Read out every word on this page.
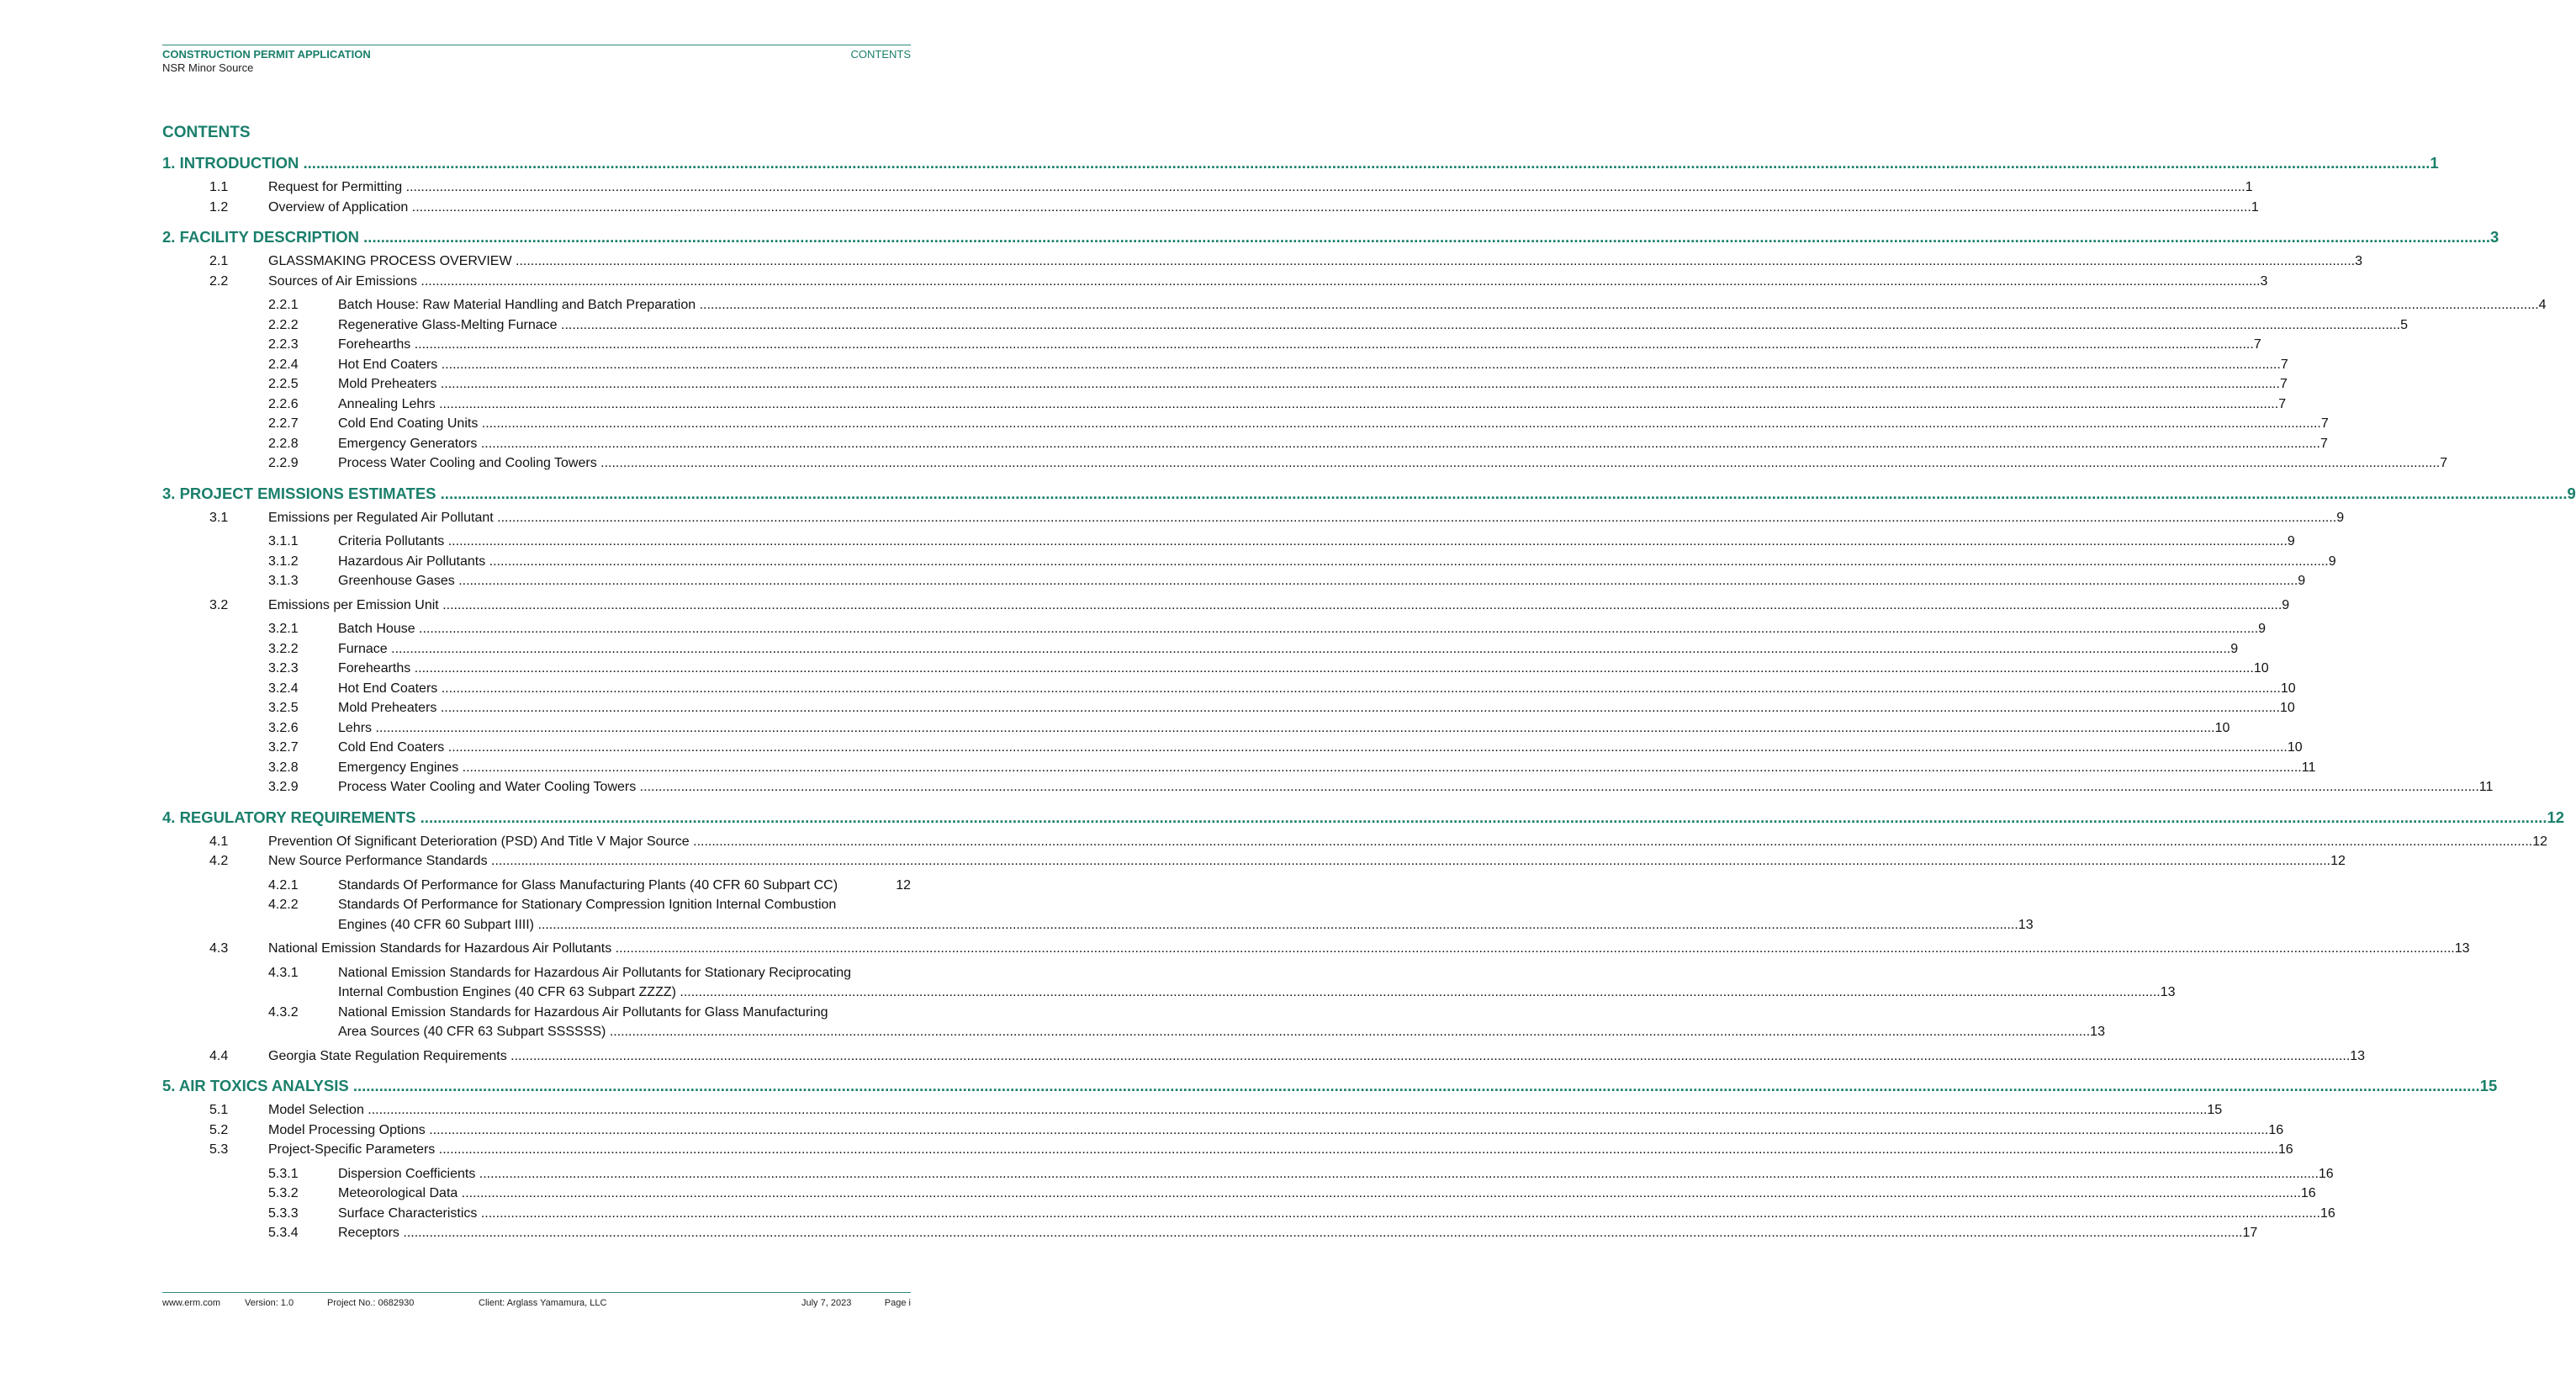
CONSTRUCTION PERMIT APPLICATION	CONTENTS
NSR Minor Source
CONTENTS
1. INTRODUCTION .....	1
1.1	Request for Permitting .....	1
1.2	Overview of Application .....	1
2. FACILITY DESCRIPTION .....	3
2.1	GLASSMAKING PROCESS OVERVIEW .....	3
2.2	Sources of Air Emissions .....	3
2.2.1	Batch House: Raw Material Handling and Batch Preparation .....	4
2.2.2	Regenerative Glass-Melting Furnace .....	5
2.2.3	Forehearths .....	7
2.2.4	Hot End Coaters .....	7
2.2.5	Mold Preheaters .....	7
2.2.6	Annealing Lehrs .....	7
2.2.7	Cold End Coating Units .....	7
2.2.8	Emergency Generators .....	7
2.2.9	Process Water Cooling and Cooling Towers .....	7
3. PROJECT EMISSIONS ESTIMATES .....	9
3.1	Emissions per Regulated Air Pollutant .....	9
3.1.1	Criteria Pollutants .....	9
3.1.2	Hazardous Air Pollutants .....	9
3.1.3	Greenhouse Gases .....	9
3.2	Emissions per Emission Unit .....	9
3.2.1	Batch House .....	9
3.2.2	Furnace .....	9
3.2.3	Forehearths .....	10
3.2.4	Hot End Coaters .....	10
3.2.5	Mold Preheaters .....	10
3.2.6	Lehrs .....	10
3.2.7	Cold End Coaters .....	10
3.2.8	Emergency Engines .....	11
3.2.9	Process Water Cooling and Water Cooling Towers .....	11
4. REGULATORY REQUIREMENTS .....	12
4.1	Prevention Of Significant Deterioration (PSD) And Title V Major Source .....	12
4.2	New Source Performance Standards .....	12
4.2.1	Standards Of Performance for Glass Manufacturing Plants (40 CFR 60 Subpart CC)	12
4.2.2	Standards Of Performance for Stationary Compression Ignition Internal Combustion
Engines (40 CFR 60 Subpart IIII) .....	13
4.3	National Emission Standards for Hazardous Air Pollutants .....	13
4.3.1	National Emission Standards for Hazardous Air Pollutants for Stationary Reciprocating
Internal Combustion Engines (40 CFR 63 Subpart ZZZZ) .....	13
4.3.2	National Emission Standards for Hazardous Air Pollutants for Glass Manufacturing
Area Sources (40 CFR 63 Subpart SSSSSS) .....	13
4.4	Georgia State Regulation Requirements .....	13
5. AIR TOXICS ANALYSIS .....	15
5.1	Model Selection .....	15
5.2	Model Processing Options .....	16
5.3	Project-Specific Parameters .....	16
5.3.1	Dispersion Coefficients .....	16
5.3.2	Meteorological Data .....	16
5.3.3	Surface Characteristics .....	16
5.3.4	Receptors .....	17
www.erm.com	Version: 1.0	Project No.: 0682930	Client: Arglass Yamamura, LLC	July 7, 2023	Page i
